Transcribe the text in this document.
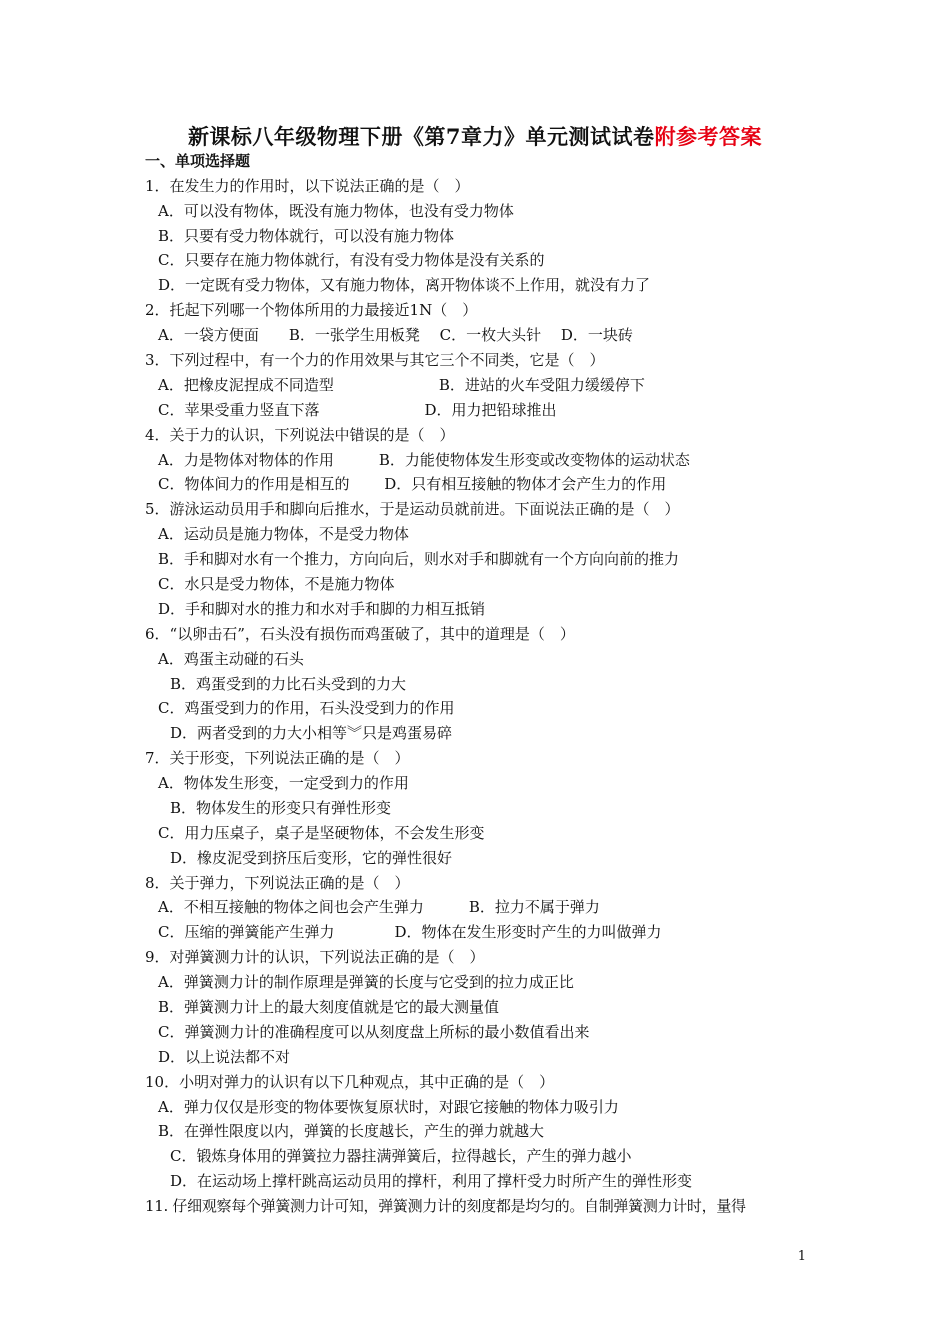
新课标八年级物理下册《第7章力》单元测试试卷附参考答案
一、单项选择题
1．在发生力的作用时，以下说法正确的是（　）
A．可以没有物体，既没有施力物体，也没有受力物体
B．只要有受力物体就行，可以没有施力物体
C．只要存在施力物体就行，有没有受力物体是没有关系的
D．一定既有受力物体，又有施力物体，离开物体谈不上作用，就没有力了
2．托起下列哪一个物体所用的力最接近1N（　）
A．一袋方便面　　B．一张学生用板凳　 C．一枚大头针　 D．一块砖
3．下列过程中，有一个力的作用效果与其它三个不同类，它是（　）
A．把橡皮泥捏成不同造型　　　　　　　B．进站的火车受阻力缓缓停下
C．苹果受重力竖直下落　　　　　　　D．用力把铅球推出
4．关于力的认识，下列说法中错误的是（　）
A．力是物体对物体的作用　　　B．力能使物体发生形变或改变物体的运动状态
C．物体间力的作用是相互的　　 D．只有相互接触的物体才会产生力的作用
5．游泳运动员用手和脚向后推水，于是运动员就前进。下面说法正确的是（　）
A．运动员是施力物体，不是受力物体
B．手和脚对水有一个推力，方向向后，则水对手和脚就有一个方向向前的推力
C．水只是受力物体，不是施力物体
D．手和脚对水的推力和水对手和脚的力相互抵销
6．“以卵击石”，石头没有损伤而鸡蛋破了，其中的道理是（　）
A．鸡蛋主动碰的石头
B．鸡蛋受到的力比石头受到的力大
C．鸡蛋受到力的作用，石头没受到力的作用
D．两者受到的力大小相等︾只是鸡蛋易碎
7．关于形变，下列说法正确的是（　）
A．物体发生形变，一定受到力的作用
B．物体发生的形变只有弹性形变
C．用力压桌子，桌子是坚硬物体，不会发生形变
D．橡皮泥受到挤压后变形，它的弹性很好
8．关于弹力，下列说法正确的是（　）
A．不相互接触的物体之间也会产生弹力　　　B．拉力不属于弹力
C．压缩的弹簧能产生弹力　　　　D．物体在发生形变时产生的力叫做弹力
9．对弹簧测力计的认识，下列说法正确的是（　）
A．弹簧测力计的制作原理是弹簧的长度与它受到的拉力成正比
B．弹簧测力计上的最大刻度值就是它的最大测量值
C．弹簧测力计的准确程度可以从刻度盘上所标的最小数值看出来
D．以上说法都不对
10．小明对弹力的认识有以下几种观点，其中正确的是（　）
A．弹力仅仅是形变的物体要恢复原状时，对跟它接触的物体力吸引力
B．在弹性限度以内，弹簧的长度越长，产生的弹力就越大
C．锻炼身体用的弹簧拉力器拄满弹簧后，拉得越长，产生的弹力越小
D．在运动场上撑杆跳高运动员用的撑杆，利用了撑杆受力时所产生的弹性形变
11. 仔细观察每个弹簧测力计可知，弹簧测力计的刻度都是均匀的。自制弹簧测力计时，量得
1
